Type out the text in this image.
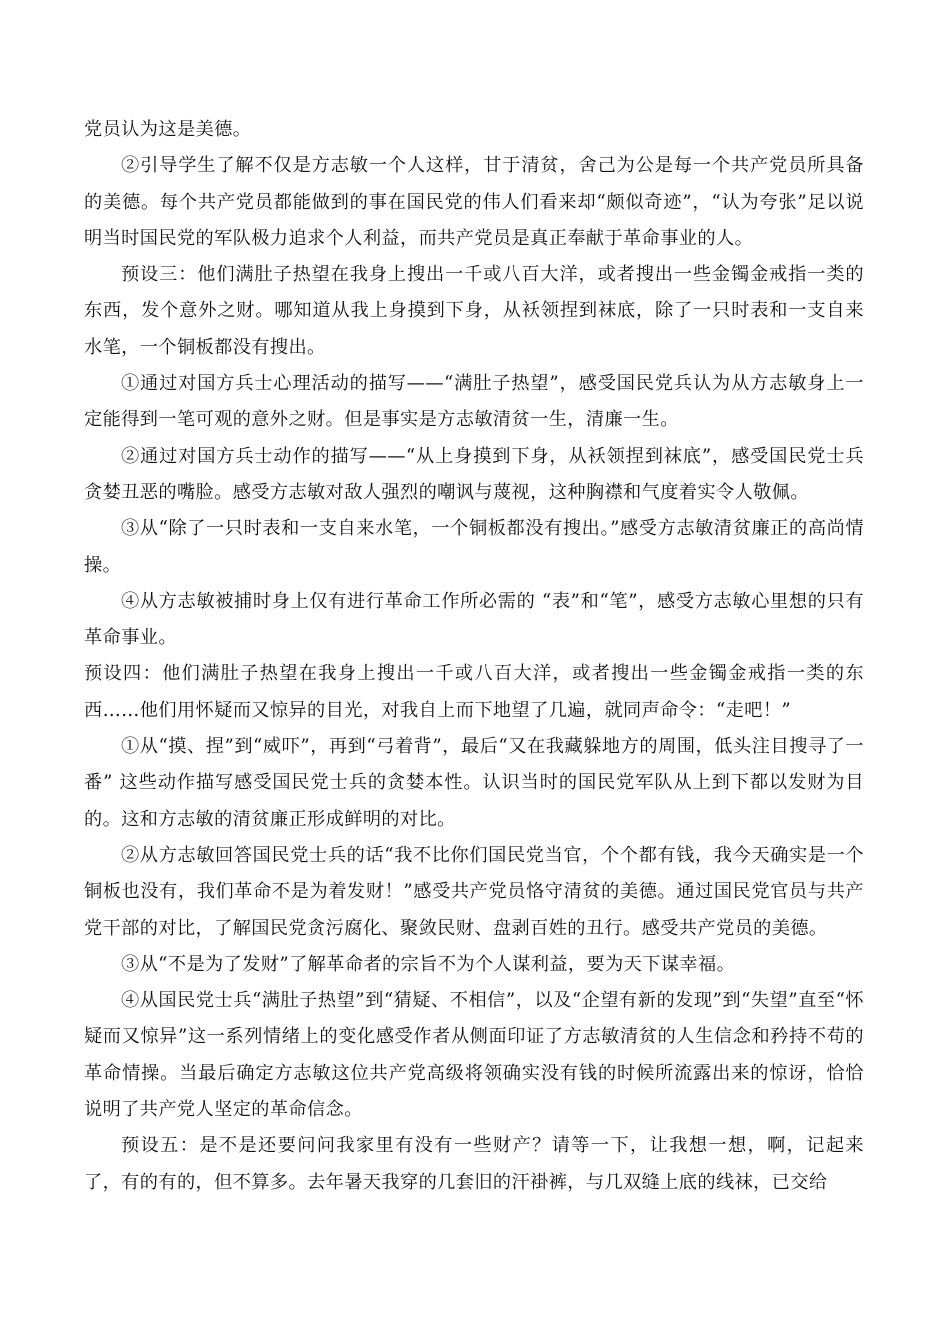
党员认为这是美德。

②引导学生了解不仅是方志敏一个人这样，甘于清贫，舍己为公是每一个共产党员所具备的美德。每个共产党员都能做到的事在国民党的伟人们看来却“颇似奇迹”，“认为夸张”足以说明当时国民党的军队极力追求个人利益，而共产党员是真正奉献于革命事业的人。

预设三：他们满肚子热望在我身上搜出一千或八百大洋，或者搜出一些金镯金戒指一类的东西，发个意外之财。哪知道从我上身摸到下身，从袄领捏到袜底，除了一只时表和一支自来水笔，一个铜板都没有搜出。

①通过对国方兵士心理活动的描写——“满肚子热望”，感受国民党兵认为从方志敏身上一定能得到一笔可观的意外之财。但是事实是方志敏清贫一生，清廉一生。

②通过对国方兵士动作的描写——“从上身摸到下身，从袄领捏到袜底”，感受国民党士兵贪婪丑恶的嘴脸。感受方志敏对敌人强烈的嘲讽与蔑视，这种胸襟和气度着实令人敬佩。

③从“除了一只时表和一支自来水笔，一个铜板都没有搜出。”感受方志敏清贫廉正的高尚情操。

④从方志敏被捕时身上仅有进行革命工作所必需的 “表”和“笔”，感受方志敏心里想的只有革命事业。

预设四：他们满肚子热望在我身上搜出一千或八百大洋，或者搜出一些金镯金戒指一类的东西……他们用怀疑而又惊异的目光，对我自上而下地望了几遍，就同声命令：“走吧！”

①从“摸、捏”到“威吓”，再到“弓着背”，最后“又在我藏躲地方的周围，低头注目搜寻了一番” 这些动作描写感受国民党士兵的贪婪本性。认识当时的国民党军队从上到下都以发财为目的。这和方志敏的清贫廉正形成鲜明的对比。

②从方志敏回答国民党士兵的话“我不比你们国民党当官，个个都有钱，我今天确实是一个铜板也没有，我们革命不是为着发财！”感受共产党员恪守清贫的美德。通过国民党官员与共产党干部的对比，了解国民党贪污腐化、聚敛民财、盘剥百姓的丑行。感受共产党员的美德。

③从“不是为了发财”了解革命者的宗旨不为个人谋利益，要为天下谋幸福。

④从国民党士兵“满肚子热望”到“猜疑、不相信”，以及“企望有新的发现”到“失望”直至“怀疑而又惊异”这一系列情绪上的变化感受作者从侧面印证了方志敏清贫的人生信念和矜持不苟的革命情操。当最后确定方志敏这位共产党高级将领确实没有钱的时候所流露出来的惊讶，恰恰说明了共产党人坚定的革命信念。

预设五：是不是还要问问我家里有没有一些财产？请等一下，让我想一想，啊，记起来了，有的有的，但不算多。去年暑天我穿的几套旧的汗褂裤，与几双缝上底的线袜，已交给
